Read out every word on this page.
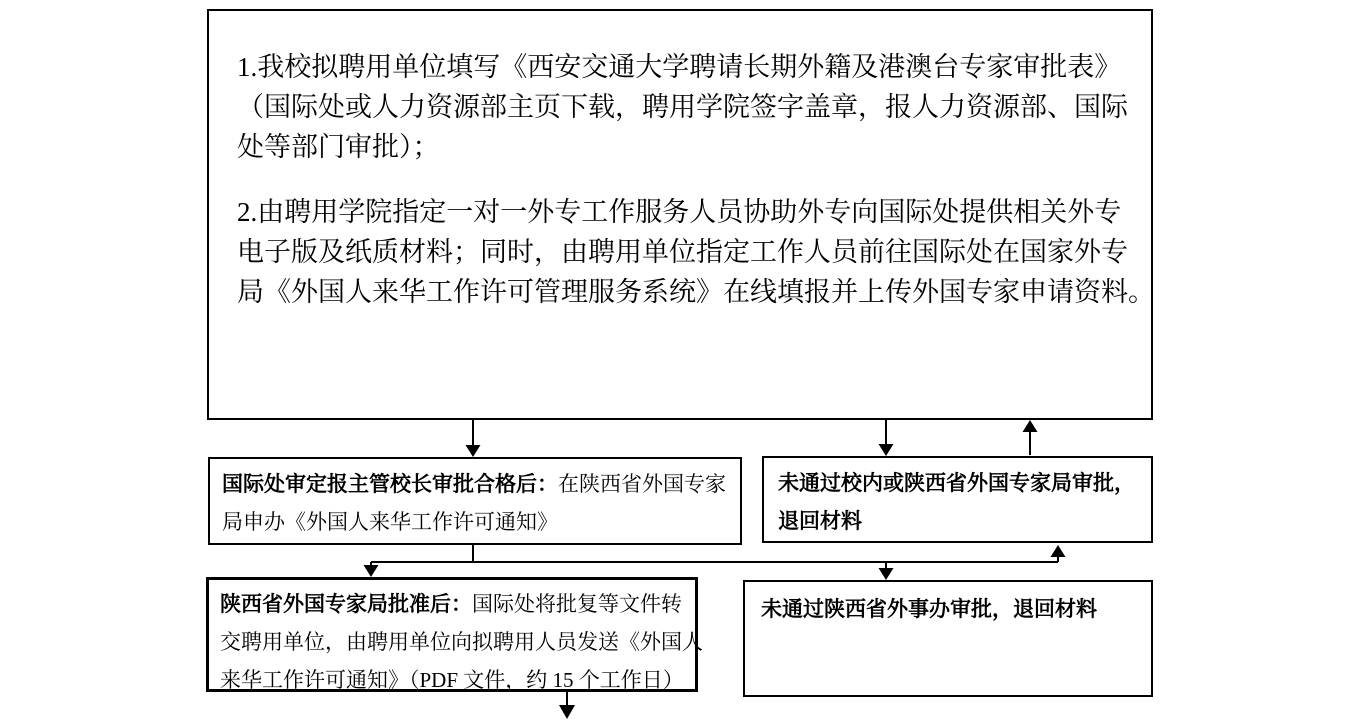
1.我校拟聘用单位填写《西安交通大学聘请长期外籍及港澳台专家审批表》
（国际处或人力资源部主页下载，聘用学院签字盖章，报人力资源部、国际
处等部门审批）；
2.由聘用学院指定一对一外专工作服务人员协助外专向国际处提供相关外专
电子版及纸质材料；同时，由聘用单位指定工作人员前往国际处在国家外专
局《外国人来华工作许可管理服务系统》在线填报并上传外国专家申请资料。
国际处审定报主管校长审批合格后：在陕西省外国专家
局申办《外国人来华工作许可通知》
未通过校内或陕西省外国专家局审批，
退回材料
陕西省外国专家局批准后：国际处将批复等文件转
交聘用单位，由聘用单位向拟聘用人员发送《外国人
来华工作许可通知》（PDF 文件，约 15 个工作日）
未通过陕西省外事办审批，退回材料
